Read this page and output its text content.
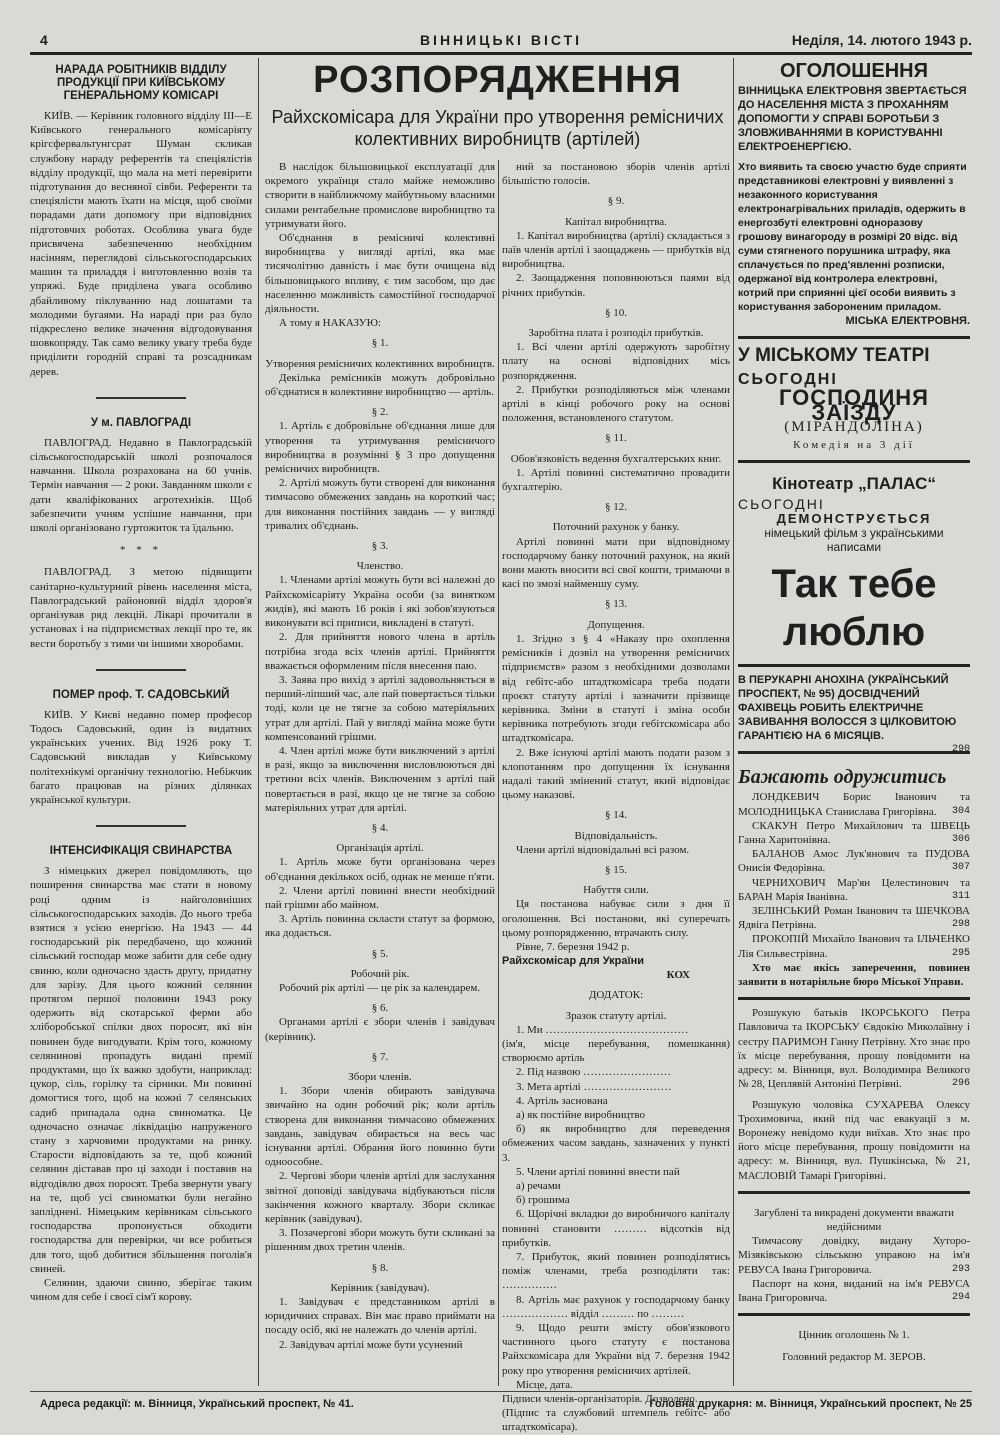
4	ВІННИЦЬКІ ВІСТІ	Неділя, 14. лютого 1943 р.
НАРАДА РОБІТНИКІВ ВІДДІЛУ ПРОДУКЦІЇ ПРИ КИЇВСЬКОМУ ГЕНЕРАЛЬНОМУ КОМІСАРІ

КИЇВ. — Керівник головного відділу ІІІ—Е Київського генерального комісаріяту крігсфервальтунгсрат Шуман скликав службову нараду референтів та спеціялістів відділу продукції, що мала на меті перевірити підготування до весняної сівби. Референти та спеціялісти мають їхати на місця, щоб своїми порадами дати допомогу при відповідних підготовчих роботах. Особлива увага буде присвячена забезпеченню необхідним насінням, переглядові сільськогосподарських машин та приладдя і виготовленню возів та упряжі. Буде приділена увага особливо дбайливому піклуванню над лошатами та молодими бугаями. На нараді при раз було підкреслено велике значення відгодовування шовкопряду. Так само велику увагу треба буде приділити городній справі та розсадникам дерев.

У м. ПАВЛОГРАДІ

ПАВЛОГРАД. Недавно в Павлоградській сільськогосподарській школі розпочалося навчання. Школа розрахована на 60 учнів. Термін навчання — 2 роки. Завданням школи є дати кваліфікованих агротехніків. Щоб забезпечити учням успішне навчання, при школі організовано гуртожиток та їдальню.

* * *

ПАВЛОГРАД. З метою підвищити санітарно-культурний рівень населення міста, Павлоградський районовий відділ здоров'я організував ряд лекцій. Лікарі прочитали в установах і на підприємствах лекції про те, як вести боротьбу з тими чи іншими хворобами.

ПОМЕР проф. Т. САДОВСЬКИЙ

КИЇВ. У Києві недавно помер професор Тодось Садовський, один із видатних українських учених. Від 1926 року Т. Садовський викладав у Київському політехнікумі органічну технологію. Небіжчик багато працював на різних ділянках української культури.

ІНТЕНСИФІКАЦІЯ СВИНАРСТВА

З німецьких джерел повідомляють, що поширення свинарства має стати в новому році одним із найголовніших сільськогосподарських заходів. До нього треба взятися з усією енергією. На 1943 — 44 господарський рік передбачено, що кожний сільський господар може забити для себе одну свиню, коли одночасно здасть другу, придатну для зарізу. Для цього кожний селянин протягом першої половини 1943 року одержить від скотарської ферми або хліборобської спілки двох поросят, які він повинен буде вигодувати. Крім того, кожному селянинові пропадуть видані премії продуктами, що їх важко здобути, наприклад: цукор, сіль, горілку та сірники. Ми повинні домогтися того, щоб на кожні 7 селянських садиб припадала одна свиноматка. Це одночасно означає ліквідацію напруженого стану з харчовими продуктами на ринку. Старости відповідають за те, щоб кожний селянин діставав про ці заходи і поставив на відгодівлю двох поросят. Треба звернути увагу на те, щоб усі свиноматки були негайно запліднені. Німецьким керівникам сільського господарства пропонується обходити господарства для перевірки, чи все робиться для того, щоб добитися збільшення поголів'я свиней.

Селянин, здаючи свиню, зберігає таким чином для себе і своєї сім'ї корову.

РОЗПОРЯДЖЕННЯ
Райхскомісара для України про утворення ремісничих колективних виробництв (артілей)

В наслідок більшовицької експлуатації для окремого українця стало майже неможливо створити в найближчому майбутньому власними силами рентабельне промислове виробництво та утримувати його.

Об'єднання в ремісничі колективні виробництва у вигляді артілі, яка має тисячолітню давність і має бути очищена від більшовицького впливу, є тим засобом, що дає населенню можливість самостійної господарчої діяльности.

А тому я НАКАЗУЮ:

§ 1.
Утворення ремісничих колективних виробництв.

Декілька ремісників можуть добровільно об'єднатися в колективне виробництво — артіль.

§ 2.

1. Артіль є добровільне об'єднання лише для утворення та утримування ремісничого виробництва в розумінні § 3 про допущення ремісничих виробництв.

2. Артілі можуть бути створені для виконання тимчасово обмежених завдань на короткий час; для виконання постійних завдань — у вигляді тривалих об'єднань.

§ 3.
Членство.

1. Членами артілі можуть бути всі належні до Райхскомісаріяту Україна особи (за винятком жидів), які мають 16 років і які зобов'язуються виконувати всі приписи, викладені в статуті.

2. Для прийняття нового члена в артіль потрібна згода всіх членів артілі. Прийняття вважається оформленим після внесення паю.

3. Заява про вихід з артілі задовольняється в перший-ліпший час, але пай повертається тільки тоді, коли це не тягне за собою матеріяльних утрат для артілі. Пай у вигляді майна може бути компенсований грішми.

4. Член артілі може бути виключений з артілі в разі, якщо за виключення висловлюються дві третини всіх членів. Виключеним з артілі пай повертається в разі, якщо це не тягне за собою матеріяльних утрат для артілі.

§ 4.
Організація артілі.

1. Артіль може бути організована через об'єднання декількох осіб, однак не менше п'яти.

2. Члени артілі повинні внести необхідний пай грішми або майном.

3. Артіль повинна скласти статут за формою, яка додається.

§ 5.
Робочий рік.

Робочий рік артілі — це рік за календарем.

§ 6.

Органами артілі є збори членів і завідувач (керівник).

§ 7.
Збори членів.

1. Збори членів обирають завідувача звичайно на один робочий рік; коли артіль створена для виконання тимчасово обмежених завдань, завідувач обирається на весь час існування артілі. Обрання його повинно бути одноособне.

2. Чергові збори членів артілі для заслухання звітної доповіді завідувача відбуваються після закінчення кожного кварталу. Збори скликає керівник (завідувач).

3. Позачергові збори можуть бути скликані за рішенням двох третин членів.

§ 8.
Керівник (завідувач).

1. Завідувач є представником артілі в юридичних справах. Він має право приймати на посаду осіб, які не належать до членів артілі.

2. Завідувач артілі може бути усунений

ний за постановою зборів членів артілі більшістю голосів.

§ 9.
Капітал виробництва.

1. Капітал виробництва (артілі) складається з паїв членів артілі і заощаджень — прибутків від виробництва.

2. Заощадження поповнюються паями від річних прибутків.

§ 10.
Заробітна плата і розподіл прибутків.

1. Всі члени артілі одержують заробітну плату на основі відповідних місь розпорядження.

2. Прибутки розподіляються між членами артілі в кінці робочого року на основі положення, встановленого статутом.

§ 11.
Обов'язковість ведення бухгалтерських книг.

1. Артілі повинні систематично провадити бухгалтерію.

§ 12.
Поточний рахунок у банку.

Артілі повинні мати при відповідному господарчому банку поточний рахунок, на який вони мають вносити всі свої кошти, тримаючи в касі по змозі найменшу суму.

§ 13.
Допущення.

1. Згідно з § 4 «Наказу про охоплення ремісників і дозвіл на утворення ремісничих підприємств» разом з необхідними дозволами від гебітс-або штадткомісара треба подати проєкт статуту артілі і зазначити прізвище керівника. Зміни в статуті і зміна особи керівника потребують згоди гебітскомісара або штадткомісара.

2. Вже існуючі артілі мають подати разом з клопотанням про допущення їх існування надалі такий змінений статут, який відповідає цьому наказові.

§ 14.
Відповідальність.

Члени артілі відповідальні всі разом.

§ 15.
Набуття сили.

Ця постанова набуває сили з дня її оголошення. Всі постанови, які суперечать цьому розпорядженню, втрачають силу.

Рівне, 7. березня 1942 р.

Райхскомісар для України
КОХ
ДОДАТОК:
Зразок статуту артілі.

1. Ми …………………………………

(ім'я, місце перебування, помешкання) створюємо артіль

2. Під назвою ……………………

3. Мета артілі ……………………

4. Артіль заснована

а) як постійне виробництво

б) як виробництво для переведення обмежених часом завдань, зазначених у пункті 3.

5. Члени артілі повинні внести пай

а) речами

б) грошима

6. Щорічні вкладки до виробничого капіталу повинні становити ……… відсотків від прибутків.

7. Прибуток, який повинен розподілятись поміж членами, треба розподіляти так: ……………

8. Артіль має рахунок у господарчому банку ……………… відділ ……… по ………

9. Щодо решти змісту обов'язкового частинного цього статуту є постанова Райхскомісара для України від 7. березня 1942 року про утворення ремісничих артілей.

Місце, дата.

Підписи членів-організаторів. Дозволено.

(Підпис та службовий штемпель гебітс- або штадткомісара).

ОГОЛОШЕННЯ
ВІННИЦЬКА ЕЛЕКТРОВНЯ ЗВЕРТАЄТЬСЯ ДО НАСЕЛЕННЯ МІСТА З ПРОХАННЯМ ДОПОМОГТИ У СПРАВІ БОРОТЬБИ З ЗЛОВЖИВАННЯМИ В КОРИСТУВАННІ ЕЛЕКТРОЕНЕРГІЄЮ.
Хто виявить та своєю участю буде сприяти представникові електровні у виявленні з незаконного користування електронагрівальних приладів, одержить в енергозбуті електровні одноразову грошову винагороду в розмірі 20 відс. від суми стягненого порушника штрафу, яка сплачується по пред'явленні розписки, одержаної від контролера електровні, котрий при сприянні цієї особи виявить з користування забороненим приладом.
МІСЬКА ЕЛЕКТРОВНЯ.
У МІСЬКОМУ ТЕАТРІ
СЬОГОДНІ
ГОСПОДИНЯ ЗАЇЗДУ
(МІРАНДОЛІНА)
Комедія на 3 дії
Кінотеатр „ПАЛАС“
СЬОГОДНІ
ДЕМОНСТРУЄТЬСЯ
німецький фільм з українськими написами
Так тебе люблю
В ПЕРУКАРНІ АНОХІНА (УКРАЇНСЬКИЙ ПРОСПЕКТ, № 95) ДОСВІДЧЕНИЙ ФАХІВЕЦЬ РОБИТЬ ЕЛЕКТРИЧНЕ ЗАВИВАННЯ ВОЛОССЯ З ЦІЛКОВИТОЮ ГАРАНТІЄЮ НА 6 МІСЯЦІВ.
290
Бажають одружитись

ЛОНДКЕВИЧ Борис Іванович та МОЛОДНИЦЬКА Станислава Григорівна.	304

СКАКУН Петро Михайлович та ШВЕЦЬ Ганна Харитонівна.	306

БАЛАНОВ Амос Лук'янович та ПУДОВА Онисія Федорівна.	307

ЧЕРНИХОВИЧ Мар'ян Целестинович та БАРАН Марія Іванівна.	311

ЗЕЛІНСЬКИЙ Роман Іванович та ШЕЧКОВА Ядвіга Петрівна.	298

ПРОКОПІЙ Михайло Іванович та ІЛЬЧЕНКО Лія Сильвестрівна.	295

Хто має якісь заперечення, повинен заявити в нотаріяльне бюро Міської Управи.

Розшукую батьків ІКОРСЬКОГО Петра Павловича та ІКОРСЬКУ Євдокію Миколаївну і сестру ПАРИМОН Ганну Петрівну. Хто знає про їх місце перебування, прошу повідомити на адресу: м. Вінниця, вул. Володимира Великого № 28, Цеплявій Антоніні Петрівні.	296

Розшукую чоловіка СУХАРЕВА Олексу Трохимовича, який під час евакуації з м. Воронежу невідомо куди виїхав. Хто знає про його місце перебування, прошу повідомити на адресу: м. Вінниця, вул. Пушкінська, № 21, МАСЛОВІЙ Тамарі Григорівні.

Загублені та викрадені документи вважати недійсними

Тимчасову довідку, видану Хуторо-Мізяківською сільською управою на ім'я РЕВУСА Івана Григоровича.	293

Паспорт на коня, виданий на ім'я РЕВУСА Івана Григоровича.	294

Цінник оголошень № 1.
Головний редактор М. ЗЕРОВ.
Адреса редакції: м. Вінниця, Український проспект, № 41.	Головна друкарня: м. Вінниця, Український проспект, № 25
